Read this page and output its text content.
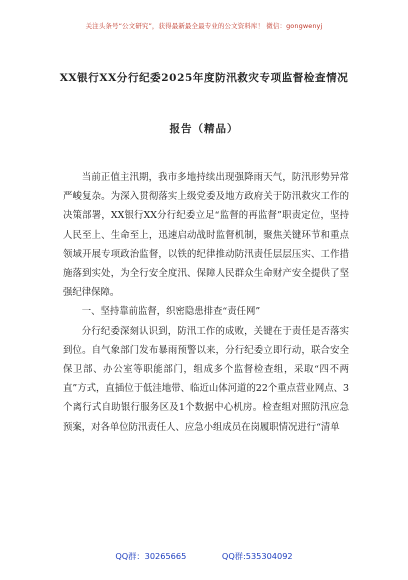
关注头条号“公文研究”，获得最新最全最专业的公文资料库！ 微信：gongwenyj
XX银行XX分行纪委2025年度防汛救灾专项监督检查情况
报告（精品）

当前正值主汛期，我市多地持续出现强降雨天气，防汛形势异常严峻复杂。为深入贯彻落实上级党委及地方政府关于防汛救灾工作的决策部署，XX银行XX分行纪委立足“监督的再监督”职责定位，坚持人民至上、生命至上，迅速启动战时监督机制，聚焦关键环节和重点领域开展专项政治监督，以铁的纪律推动防汛责任层层压实、工作措施落到实处，为全行安全度汛、保障人民群众生命财产安全提供了坚强纪律保障。

一、坚持靠前监督，织密隐患排查“责任网”

分行纪委深刻认识到，防汛工作的成败，关键在于责任是否落实到位。自气象部门发布暴雨预警以来，分行纪委立即行动，联合安全保卫部、办公室等职能部门，组成多个监督检查组，采取“四不两直”方式，直插位于低洼地带、临近山体河道的22个重点营业网点、3个离行式自助银行服务区及1个数据中心机房。检查组对照防汛应急预案，对各单位防汛责任人、应急小组成员在岗履职情况进行“清单

QQ群：30265665	QQ群:535304092
